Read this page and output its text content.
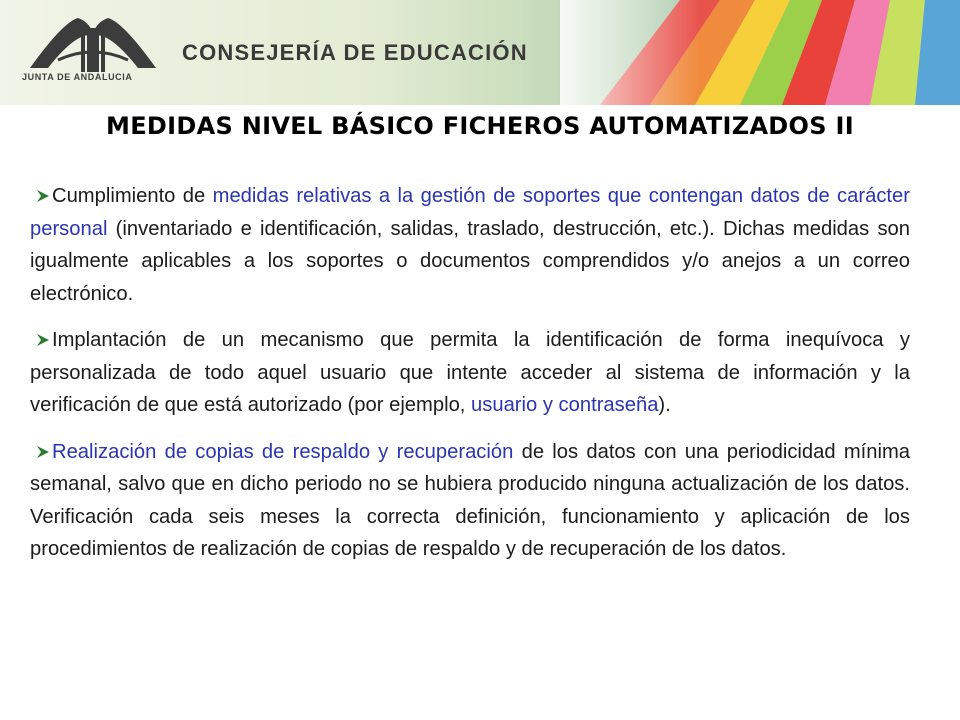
JUNTA DE ANDALUCIA
CONSEJERÍA DE EDUCACIÓN
MEDIDAS NIVEL BÁSICO FICHEROS AUTOMATIZADOS II

Cumplimiento de medidas relativas a la gestión de soportes que contengan datos de carácter personal (inventariado e identificación, salidas, traslado, destrucción, etc.). Dichas medidas son igualmente aplicables a los soportes o documentos comprendidos y/o anejos a un correo electrónico.

Implantación de un mecanismo que permita la identificación de forma inequívoca y personalizada de todo aquel usuario que intente acceder al sistema de información y la verificación de que está autorizado (por ejemplo, usuario y contraseña).

Realización de copias de respaldo y recuperación de los datos con una periodicidad mínima semanal, salvo que en dicho periodo no se hubiera producido ninguna actualización de los datos. Verificación cada seis meses la correcta definición, funcionamiento y aplicación de los procedimientos de realización de copias de respaldo y de recuperación de los datos.
